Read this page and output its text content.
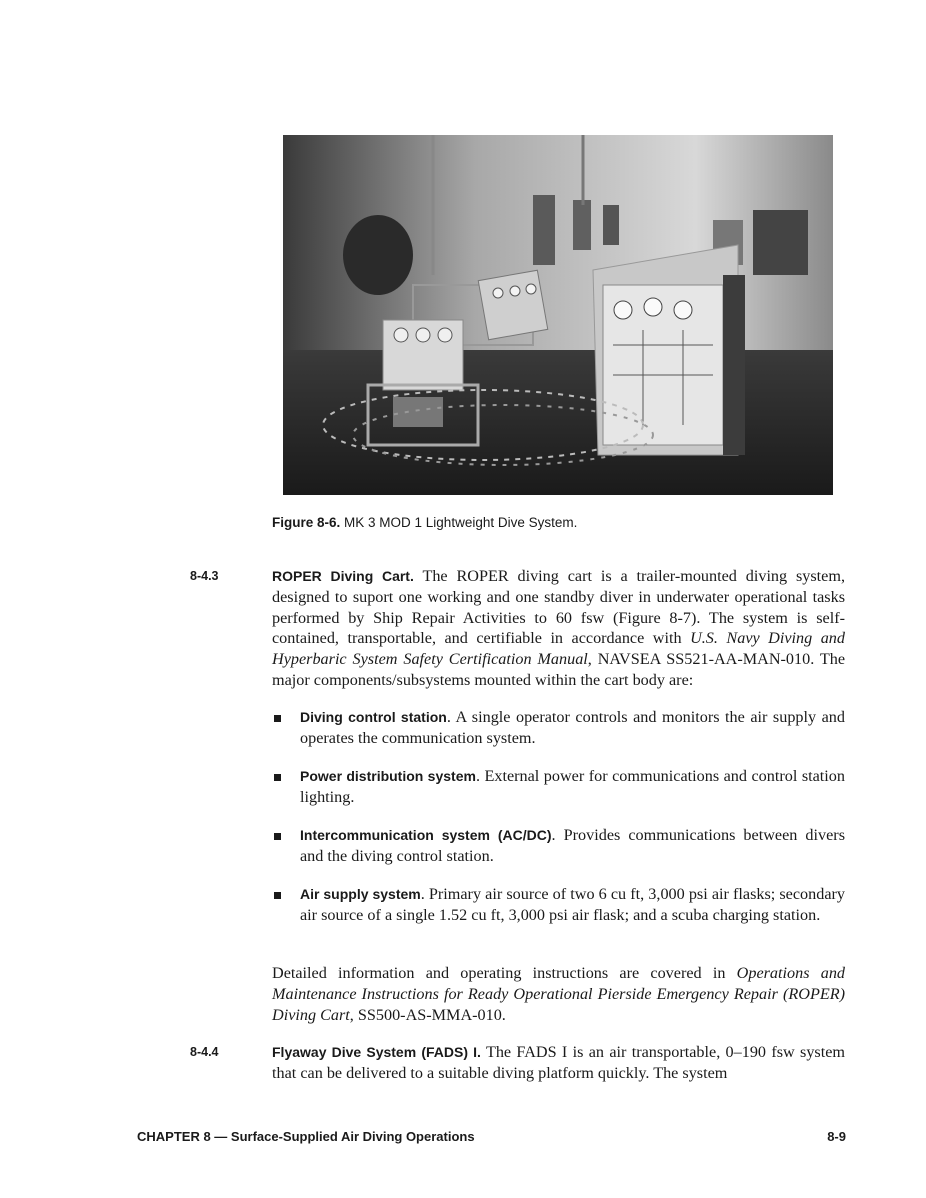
Figure 8-6. MK 3 MOD 1 Lightweight Dive System.
8-4.3	ROPER Diving Cart. The ROPER diving cart is a trailer-mounted diving system, designed to suport one working and one standby diver in underwater operational tasks performed by Ship Repair Activities to 60 fsw (Figure 8-7). The system is self-contained, transportable, and certifiable in accordance with U.S. Navy Diving and Hyperbaric System Safety Certification Manual, NAVSEA SS521-AA-MAN-010. The major components/subsystems mounted within the cart body are:
Diving control station. A single operator controls and monitors the air supply and operates the communication system.
Power distribution system. External power for communications and control station lighting.
Intercommunication system (AC/DC). Provides communications between divers and the diving control station.
Air supply system. Primary air source of two 6 cu ft, 3,000 psi air flasks; secondary air source of a single 1.52 cu ft, 3,000 psi air flask; and a scuba charging station.
Detailed information and operating instructions are covered in Operations and Maintenance Instructions for Ready Operational Pierside Emergency Repair (ROPER) Diving Cart, SS500-AS-MMA-010.
8-4.4	Flyaway Dive System (FADS) I. The FADS I is an air transportable, 0–190 fsw system that can be delivered to a suitable diving platform quickly. The system
CHAPTER 8 — Surface-Supplied Air Diving Operations	8-9
